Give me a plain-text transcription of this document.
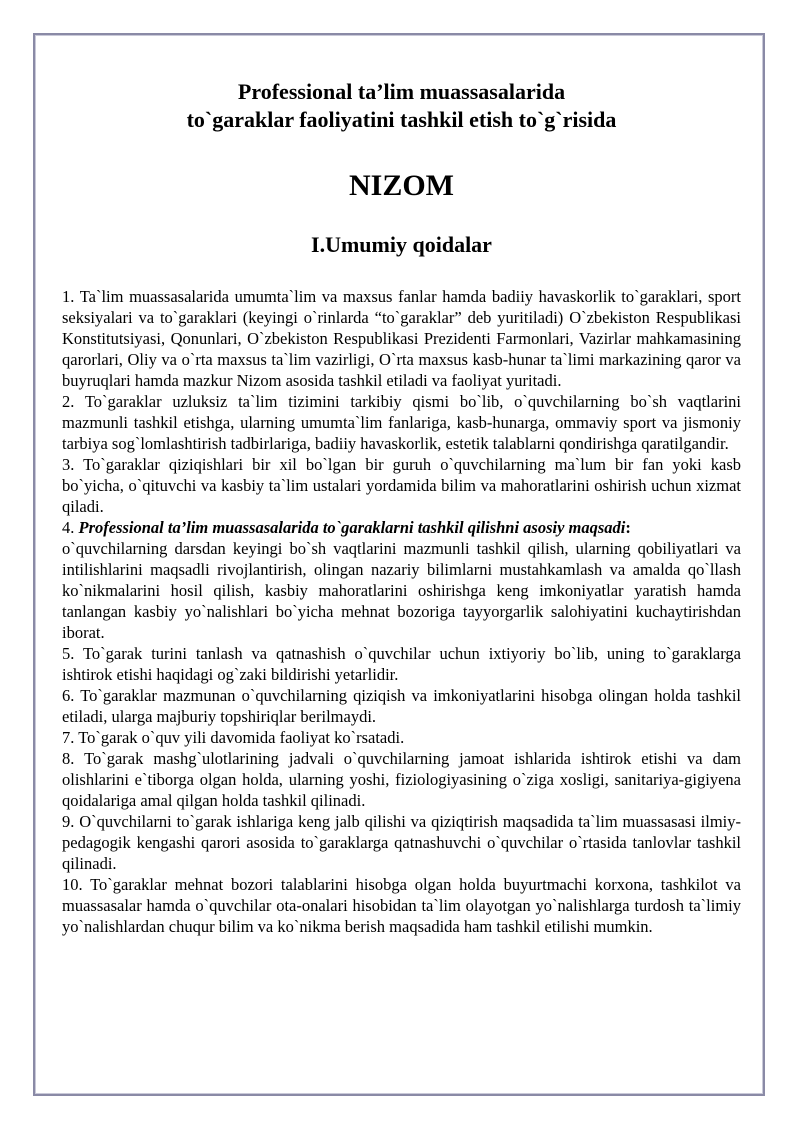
Professional ta’lim muassasalarida
to`garaklar faoliyatini tashkil etish to`g`risida
NIZOM
I.Umumiy qoidalar

1. Ta`lim muassasalarida umumta`lim va maxsus fanlar hamda badiiy havaskorlik to`garaklari, sport seksiyalari va to`garaklari (keyingi o`rinlarda “to`garaklar” deb yuritiladi) O`zbekiston Respublikasi Konstitutsiyasi, Qonunlari, O`zbekiston Respublikasi Prezidenti Farmonlari, Vazirlar mahkamasining qarorlari, Oliy va o`rta maxsus ta`lim vazirligi, O`rta maxsus kasb-hunar ta`limi markazining qaror va buyruqlari hamda mazkur Nizom asosida tashkil etiladi va faoliyat yuritadi.

2. To`garaklar uzluksiz ta`lim tizimini tarkibiy qismi bo`lib, o`quvchilarning bo`sh vaqtlarini mazmunli tashkil etishga, ularning umumta`lim fanlariga, kasb-hunarga, ommaviy sport va jismoniy tarbiya sog`lomlashtirish tadbirlariga, badiiy havaskorlik, estetik talablarni qondirishga qaratilgandir.

3. To`garaklar qiziqishlari bir xil bo`lgan bir guruh o`quvchilarning ma`lum bir fan yoki kasb bo`yicha, o`qituvchi va kasbiy ta`lim ustalari yordamida bilim va mahoratlarini oshirish uchun xizmat qiladi.

4. Professional ta’lim muassasalarida to`garaklarni tashkil qilishni asosiy maqsadi:

o`quvchilarning darsdan keyingi bo`sh vaqtlarini mazmunli tashkil qilish, ularning qobiliyatlari va intilishlarini maqsadli rivojlantirish, olingan nazariy bilimlarni mustahkamlash va amalda qo`llash ko`nikmalarini hosil qilish, kasbiy mahoratlarini oshirishga keng imkoniyatlar yaratish hamda tanlangan kasbiy yo`nalishlari bo`yicha mehnat bozoriga tayyorgarlik salohiyatini kuchaytirishdan iborat.

5. To`garak turini tanlash va qatnashish o`quvchilar uchun ixtiyoriy bo`lib, uning to`garaklarga ishtirok etishi haqidagi og`zaki bildirishi yetarlidir.

6. To`garaklar mazmunan o`quvchilarning qiziqish va imkoniyatlarini hisobga olingan holda tashkil etiladi, ularga majburiy topshiriqlar berilmaydi.

7. To`garak o`quv yili davomida faoliyat ko`rsatadi.

8. To`garak mashg`ulotlarining jadvali o`quvchilarning jamoat ishlarida ishtirok etishi va dam olishlarini e`tiborga olgan holda, ularning yoshi, fiziologiyasining o`ziga xosligi, sanitariya-gigiyena qoidalariga amal qilgan holda tashkil qilinadi.

9. O`quvchilarni to`garak ishlariga keng jalb qilishi va qiziqtirish maqsadida ta`lim muassasasi ilmiy-pedagogik kengashi qarori asosida to`garaklarga qatnashuvchi o`quvchilar o`rtasida tanlovlar tashkil qilinadi.

10. To`garaklar mehnat bozori talablarini hisobga olgan holda buyurtmachi korxona, tashkilot va muassasalar hamda o`quvchilar ota-onalari hisobidan ta`lim olayotgan yo`nalishlarga turdosh ta`limiy yo`nalishlardan chuqur bilim va ko`nikma berish maqsadida ham tashkil etilishi mumkin.
